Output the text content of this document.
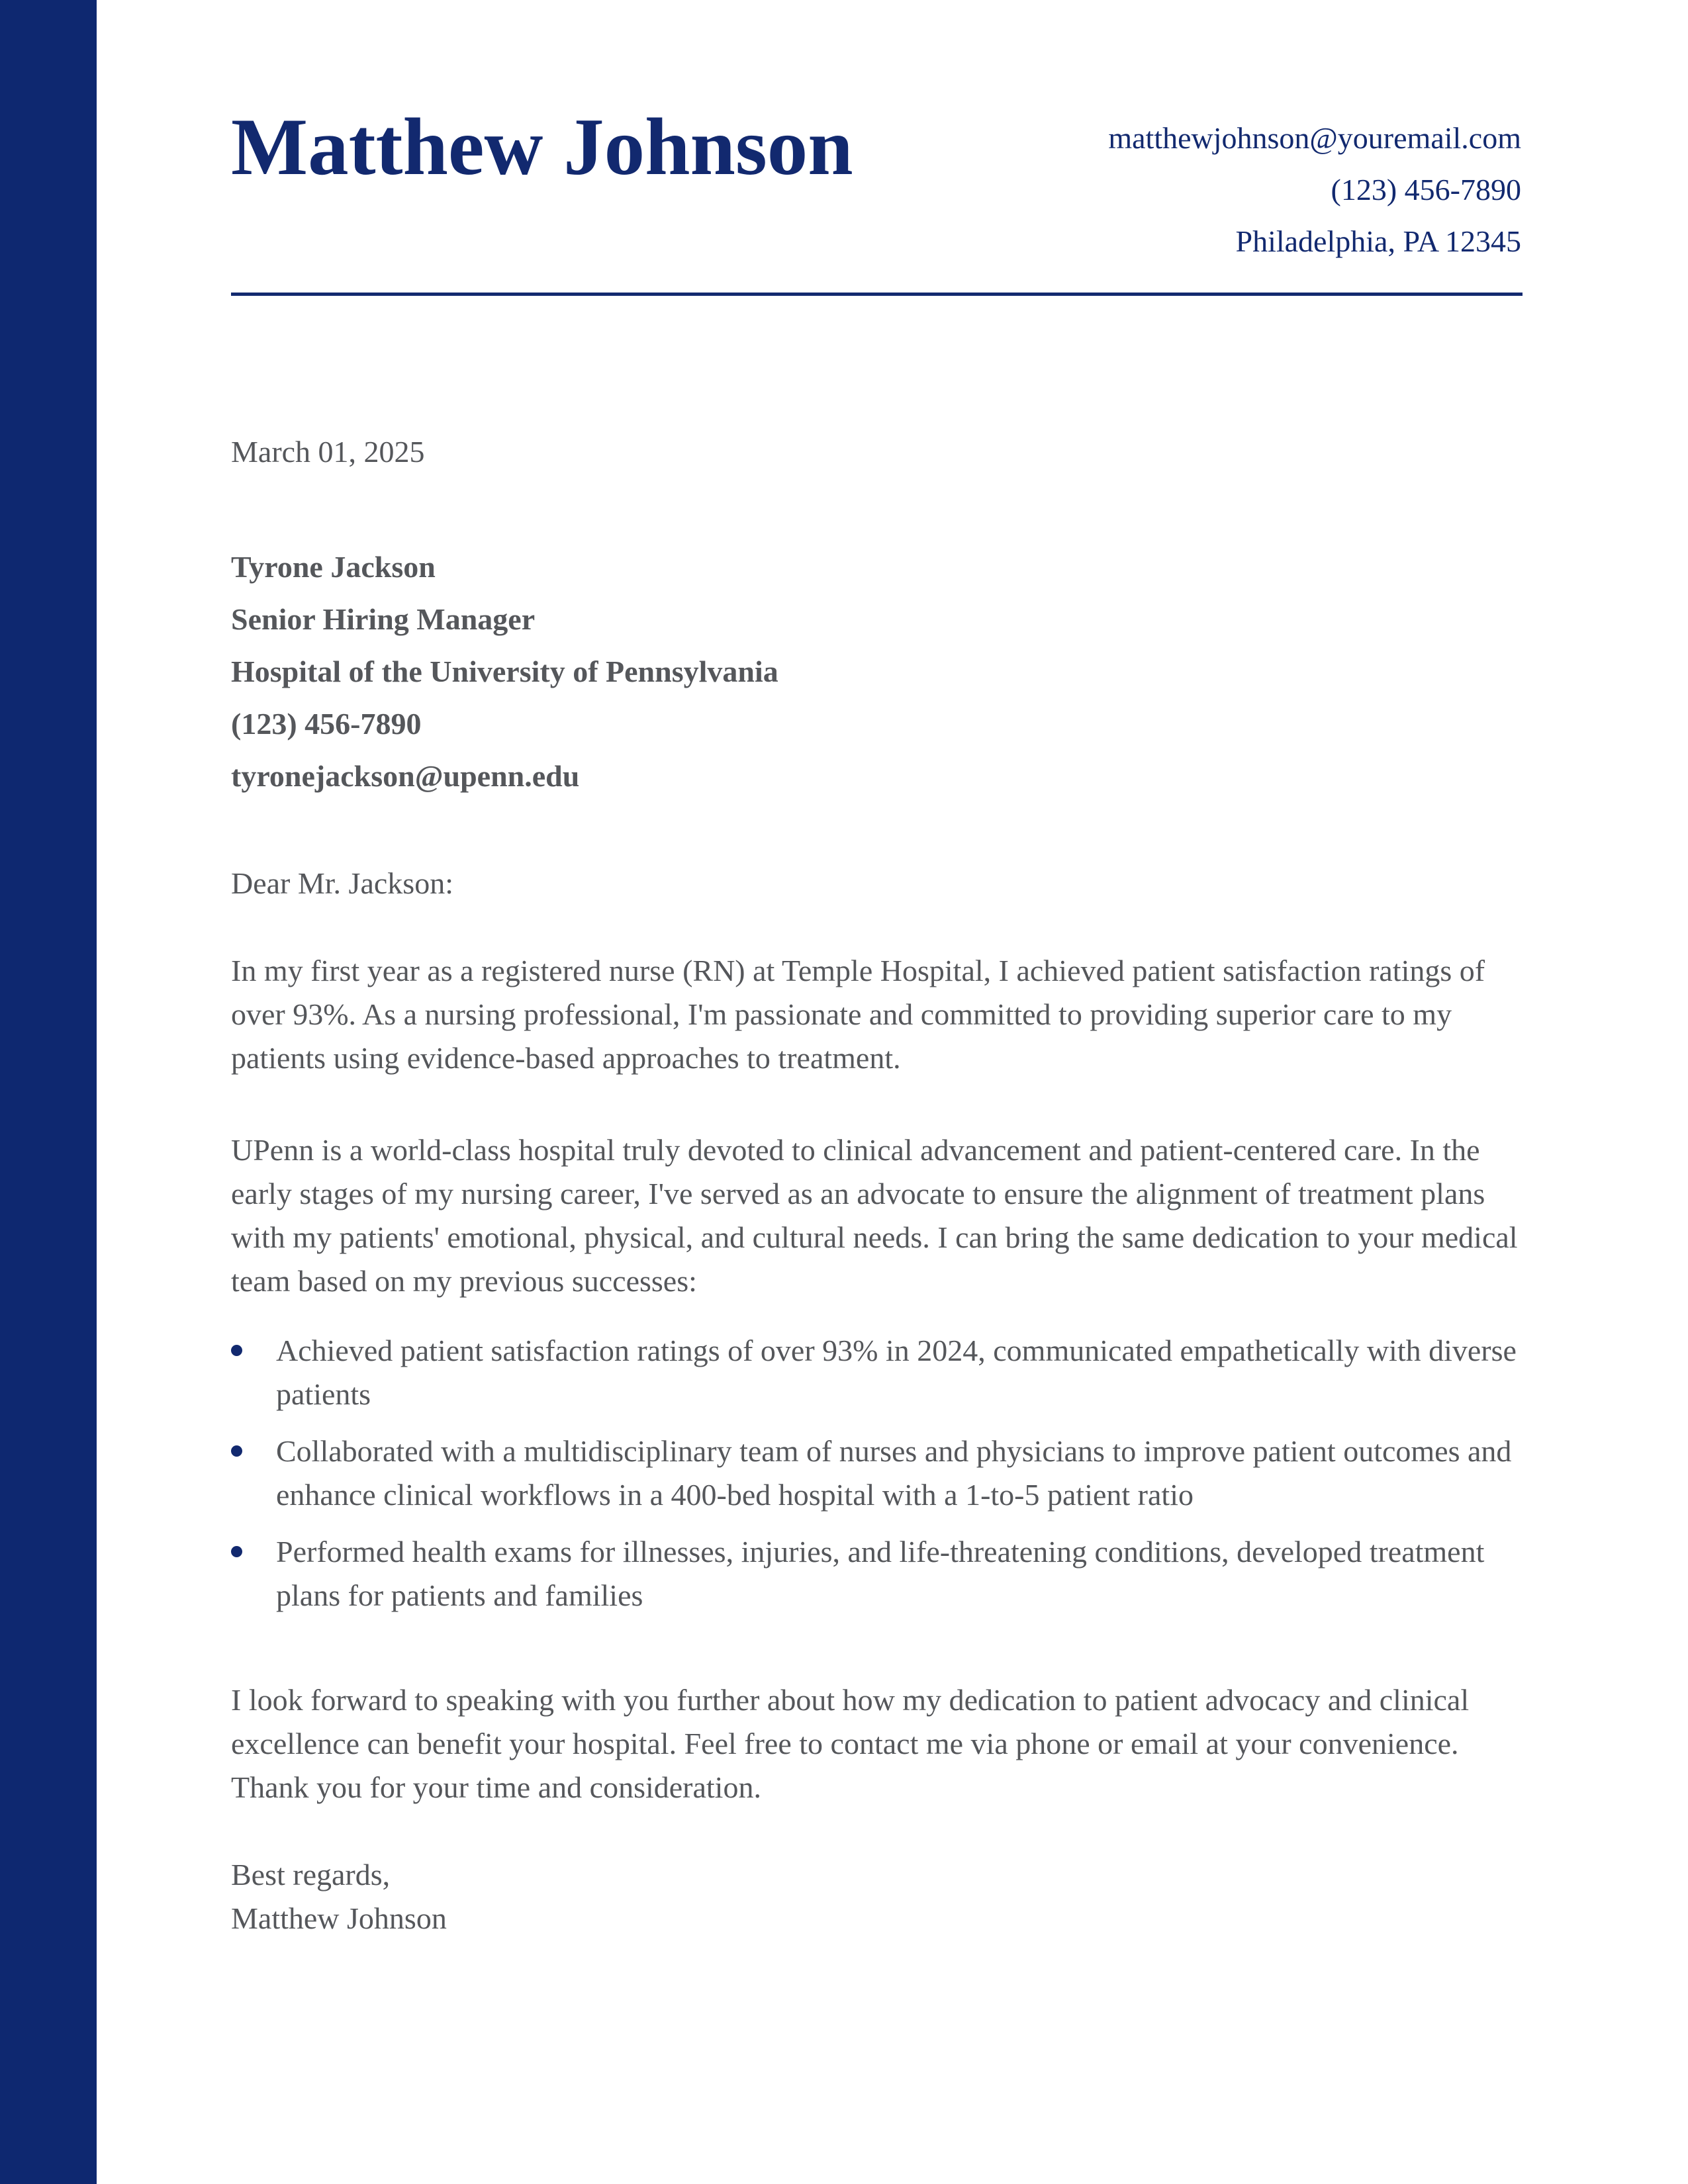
Matthew Johnson	matthewjohnson@youremail.com
(123) 456-7890
Philadelphia, PA 12345
March 01, 2025
Tyrone Jackson
Senior Hiring Manager
Hospital of the University of Pennsylvania
(123) 456-7890
tyronejackson@upenn.edu
Dear Mr. Jackson:

In my first year as a registered nurse (RN) at Temple Hospital, I achieved patient satisfaction ratings of over 93%. As a nursing professional, I'm passionate and committed to providing superior care to my patients using evidence-based approaches to treatment.

UPenn is a world-class hospital truly devoted to clinical advancement and patient-centered care. In the early stages of my nursing career, I've served as an advocate to ensure the alignment of treatment plans with my patients' emotional, physical, and cultural needs. I can bring the same dedication to your medical team based on my previous successes:

Achieved patient satisfaction ratings of over 93% in 2024, communicated empathetically with diverse patients
Collaborated with a multidisciplinary team of nurses and physicians to improve patient outcomes and enhance clinical workflows in a 400-bed hospital with a 1-to-5 patient ratio
Performed health exams for illnesses, injuries, and life-threatening conditions, developed treatment plans for patients and families

I look forward to speaking with you further about how my dedication to patient advocacy and clinical excellence can benefit your hospital. Feel free to contact me via phone or email at your convenience. Thank you for your time and consideration.

Best regards,
Matthew Johnson
